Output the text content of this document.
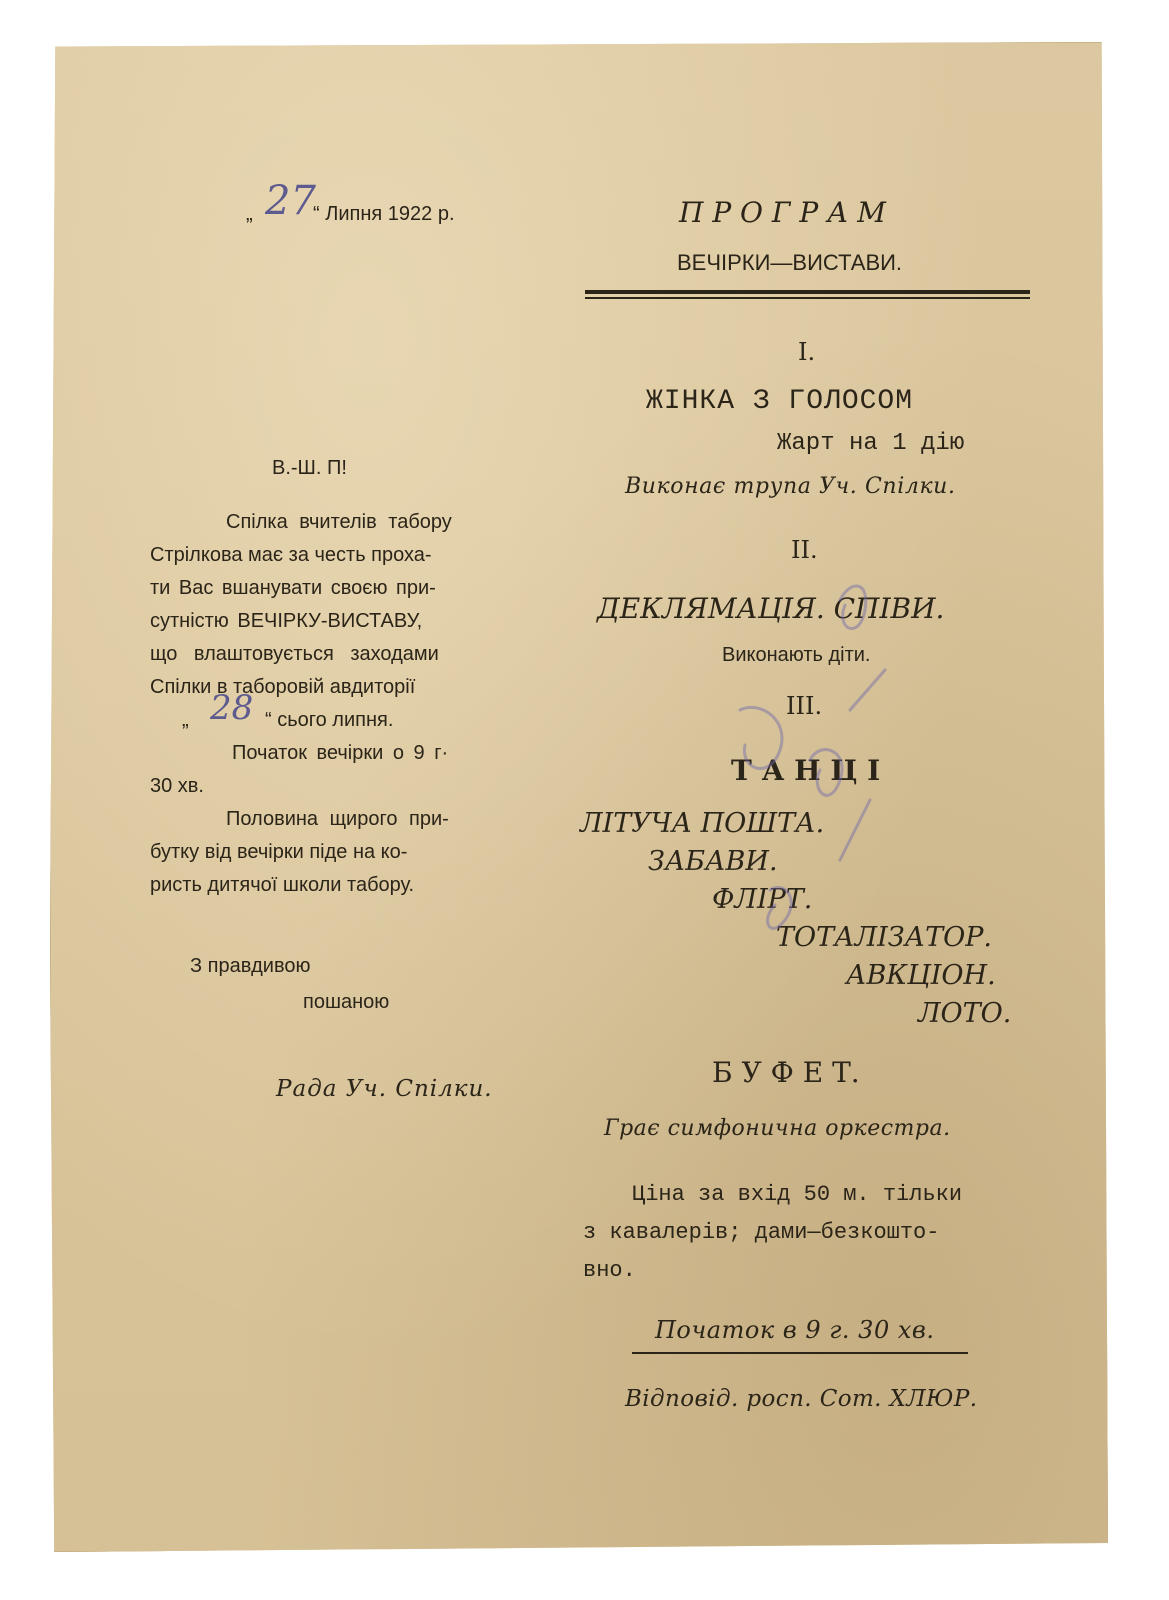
„ 27
“ Липня 1922 р.
В.-Ш. П!
Спілка вчителів табору
Стрілкова має за честь проха-
ти Вас вшанувати своєю при-
сутністю ВЕЧІРКУ-ВИСТАВУ,
що влаштовується заходами
Спілки в таборовій авдиторії
„ 28 “ сього липня.
Початок вечірки о 9 г·
30 хв.
Половина щирого при-
бутку від вечірки піде на ко-
ристь дитячої школи табору.
З правдивою
пошаною
Рада Уч. Спілки.
П Р О Г Р А М
ВЕЧІРКИ—ВИСТАВИ.
I.
ЖІНКА З ГОЛОСОМ
Жарт на 1 дію
Виконає трупа Уч. Спілки.
II.
ДЕКЛЯМАЦІЯ. СПІВИ.
Виконають діти.
III.
Т А Н Ц І
ЛІТУЧА ПОШТА.
ЗАБАВИ.
ФЛІРТ.
ТОТАЛІЗАТОР.
АВКЦІОН.
ЛОТО.
Б У Ф Е Т.
Грає симфонична оркестра.
Ціна за вхід 50 м. тільки
з кавалерів; дами—безкошто-
вно.
Початок в 9 г. 30 хв.
Відповід. росп. Сот. ХЛЮР.
